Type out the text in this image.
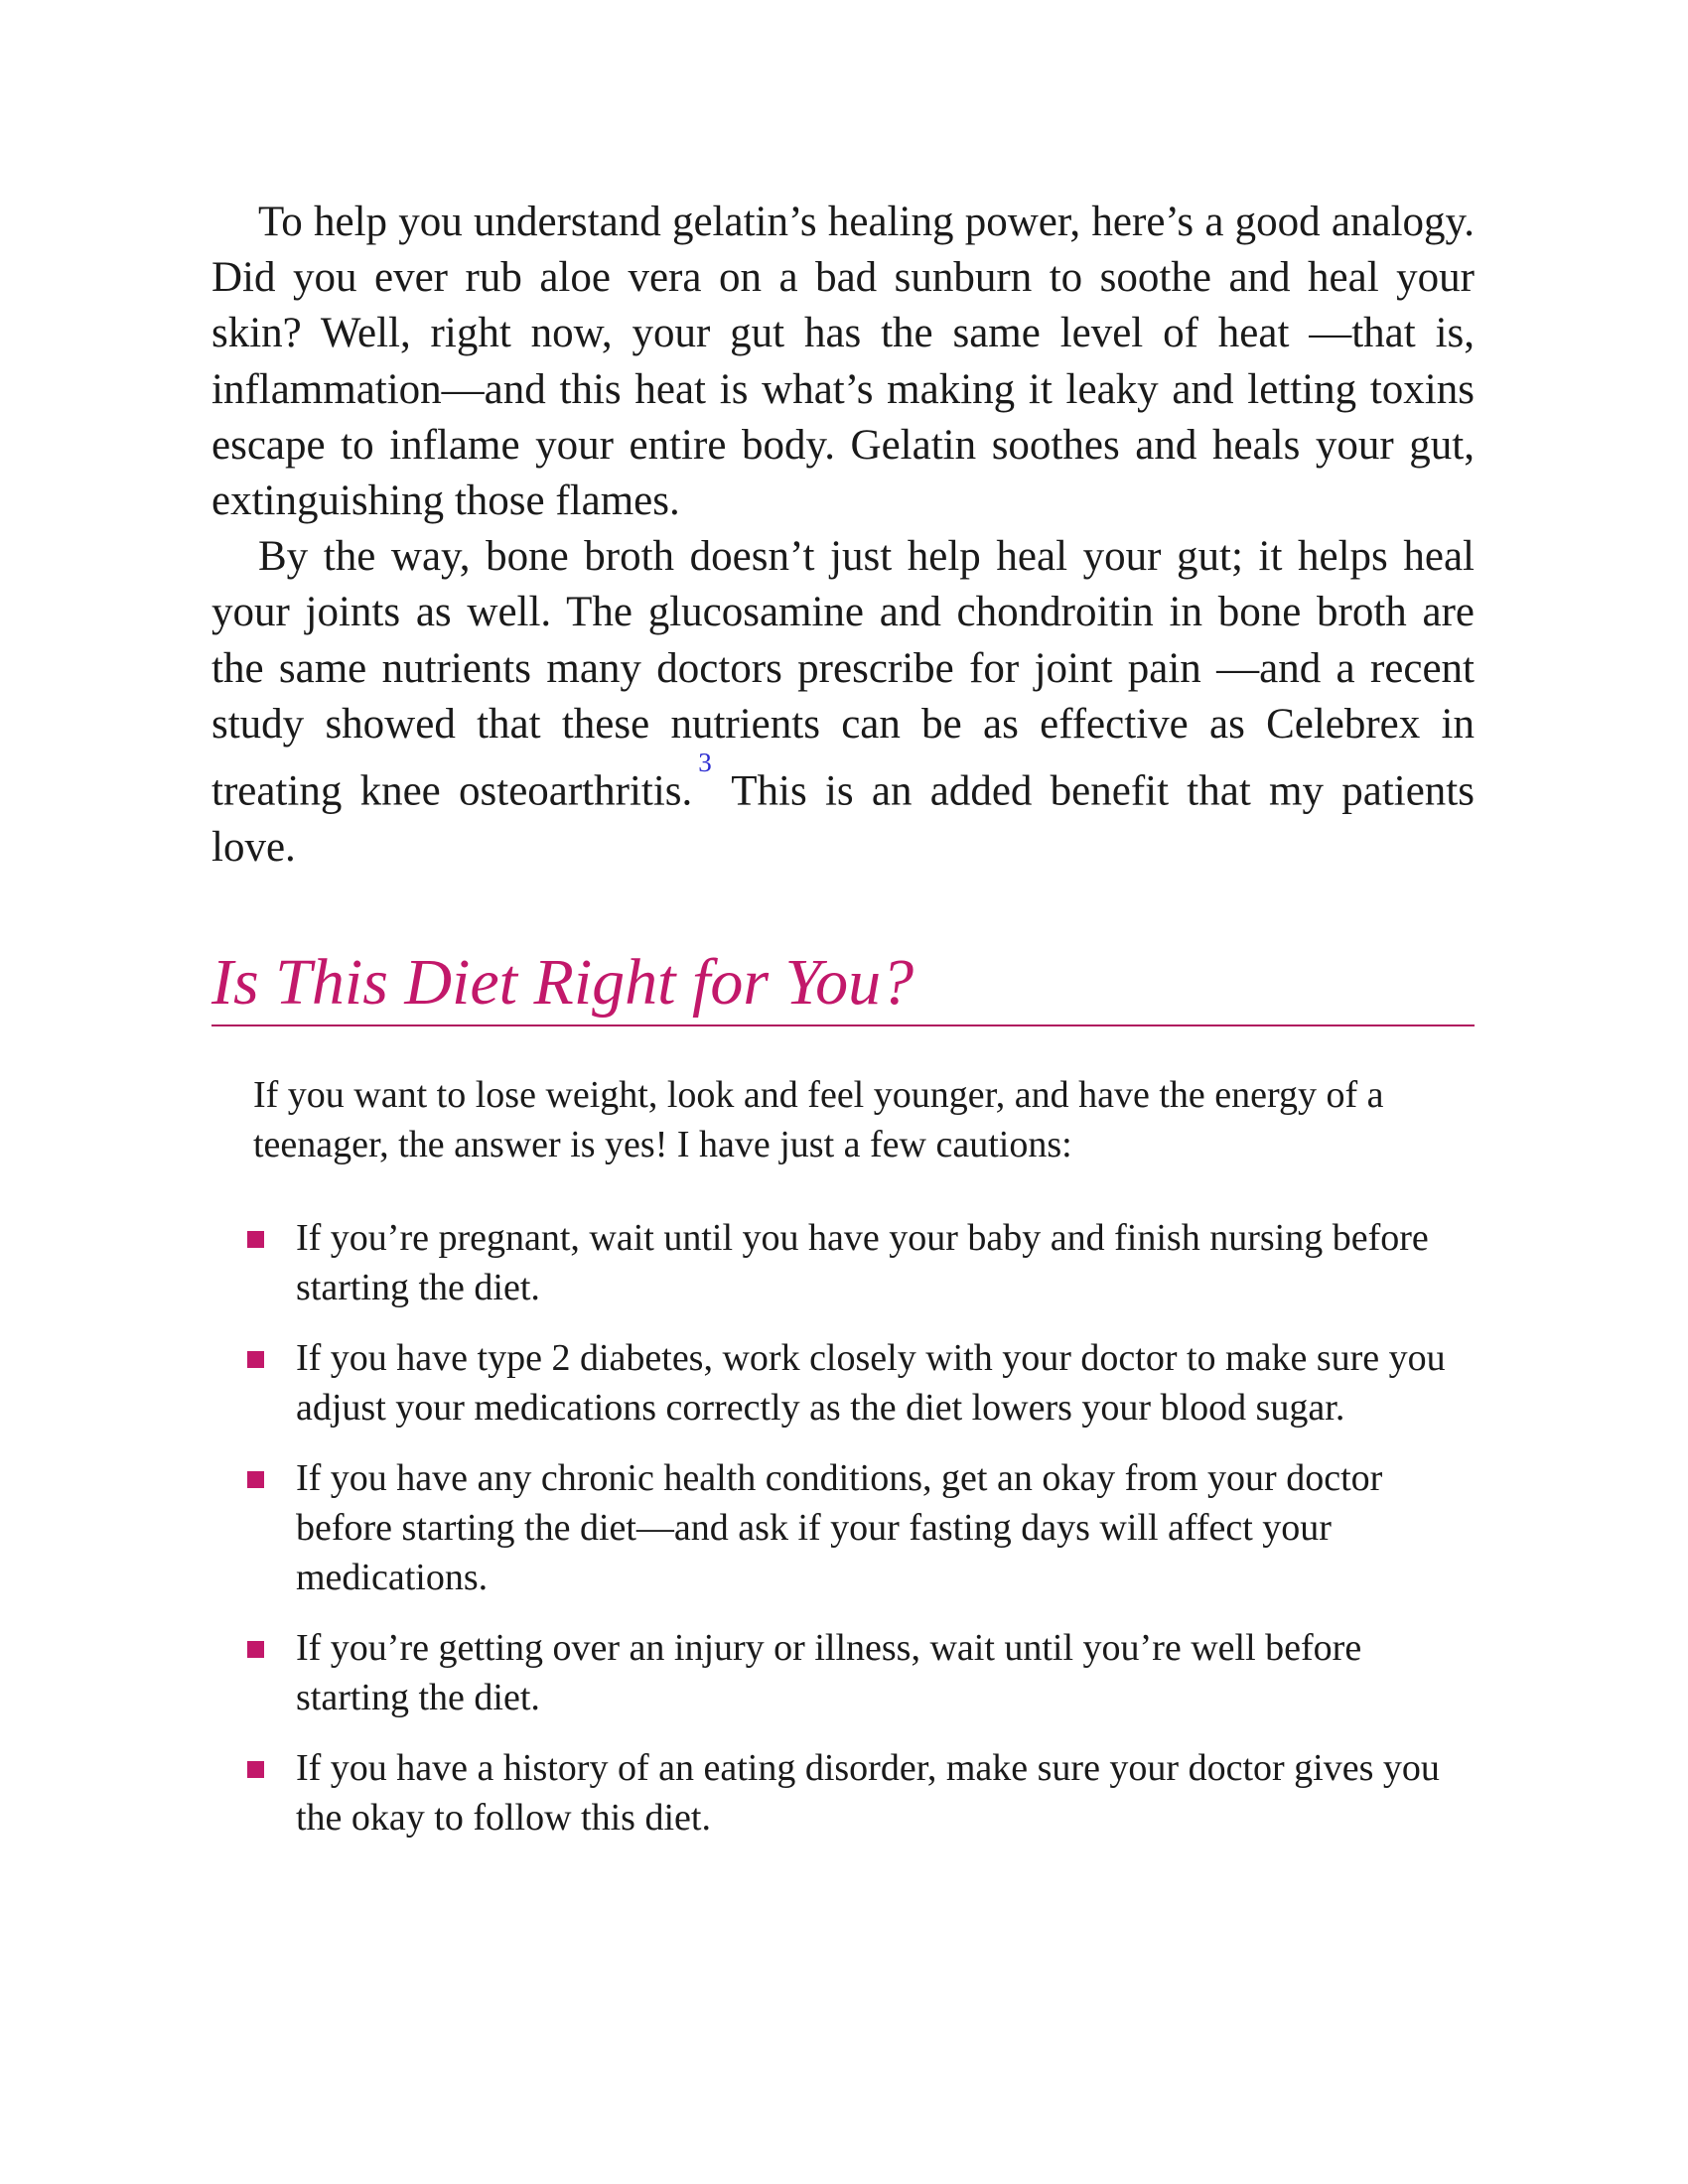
To help you understand gelatin’s healing power, here’s a good analogy. Did you ever rub aloe vera on a bad sunburn to soothe and heal your skin? Well, right now, your gut has the same level of heat —that is, inflammation—and this heat is what’s making it leaky and letting toxins escape to inflame your entire body. Gelatin soothes and heals your gut, extinguishing those flames.

By the way, bone broth doesn’t just help heal your gut; it helps heal your joints as well. The glucosamine and chondroitin in bone broth are the same nutrients many doctors prescribe for joint pain —and a recent study showed that these nutrients can be as effective as Celebrex in treating knee osteoarthritis.$^3$ This is an added benefit that my patients love.

Is This Diet Right for You?

If you want to lose weight, look and feel younger, and have the energy of a teenager, the answer is yes! I have just a few cautions:

If you’re pregnant, wait until you have your baby and finish nursing before starting the diet.
If you have type 2 diabetes, work closely with your doctor to make sure you adjust your medications correctly as the diet lowers your blood sugar.
If you have any chronic health conditions, get an okay from your doctor before starting the diet—and ask if your fasting days will affect your medications.
If you’re getting over an injury or illness, wait until you’re well before starting the diet.
If you have a history of an eating disorder, make sure your doctor gives you the okay to follow this diet.
